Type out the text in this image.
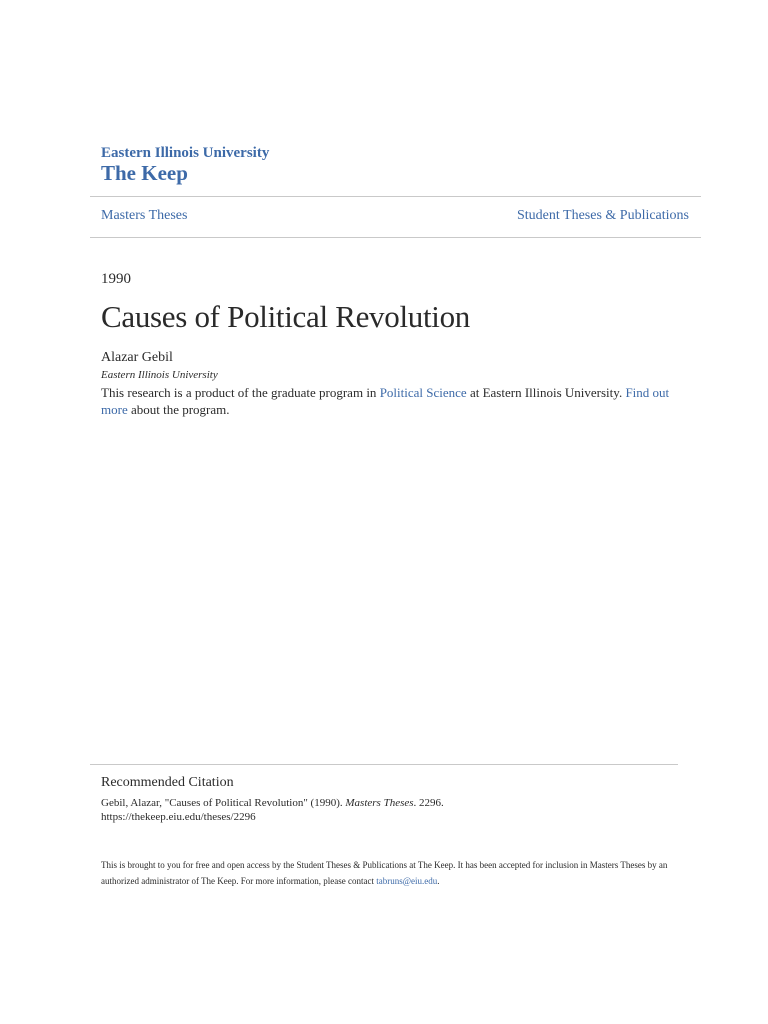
Eastern Illinois University
The Keep
Masters Theses	Student Theses & Publications
1990
Causes of Political Revolution
Alazar Gebil
Eastern Illinois University
This research is a product of the graduate program in Political Science at Eastern Illinois University. Find out more about the program.
Recommended Citation
Gebil, Alazar, "Causes of Political Revolution" (1990). Masters Theses. 2296.
https://thekeep.eiu.edu/theses/2296
This is brought to you for free and open access by the Student Theses & Publications at The Keep. It has been accepted for inclusion in Masters Theses by an authorized administrator of The Keep. For more information, please contact tabruns@eiu.edu.
